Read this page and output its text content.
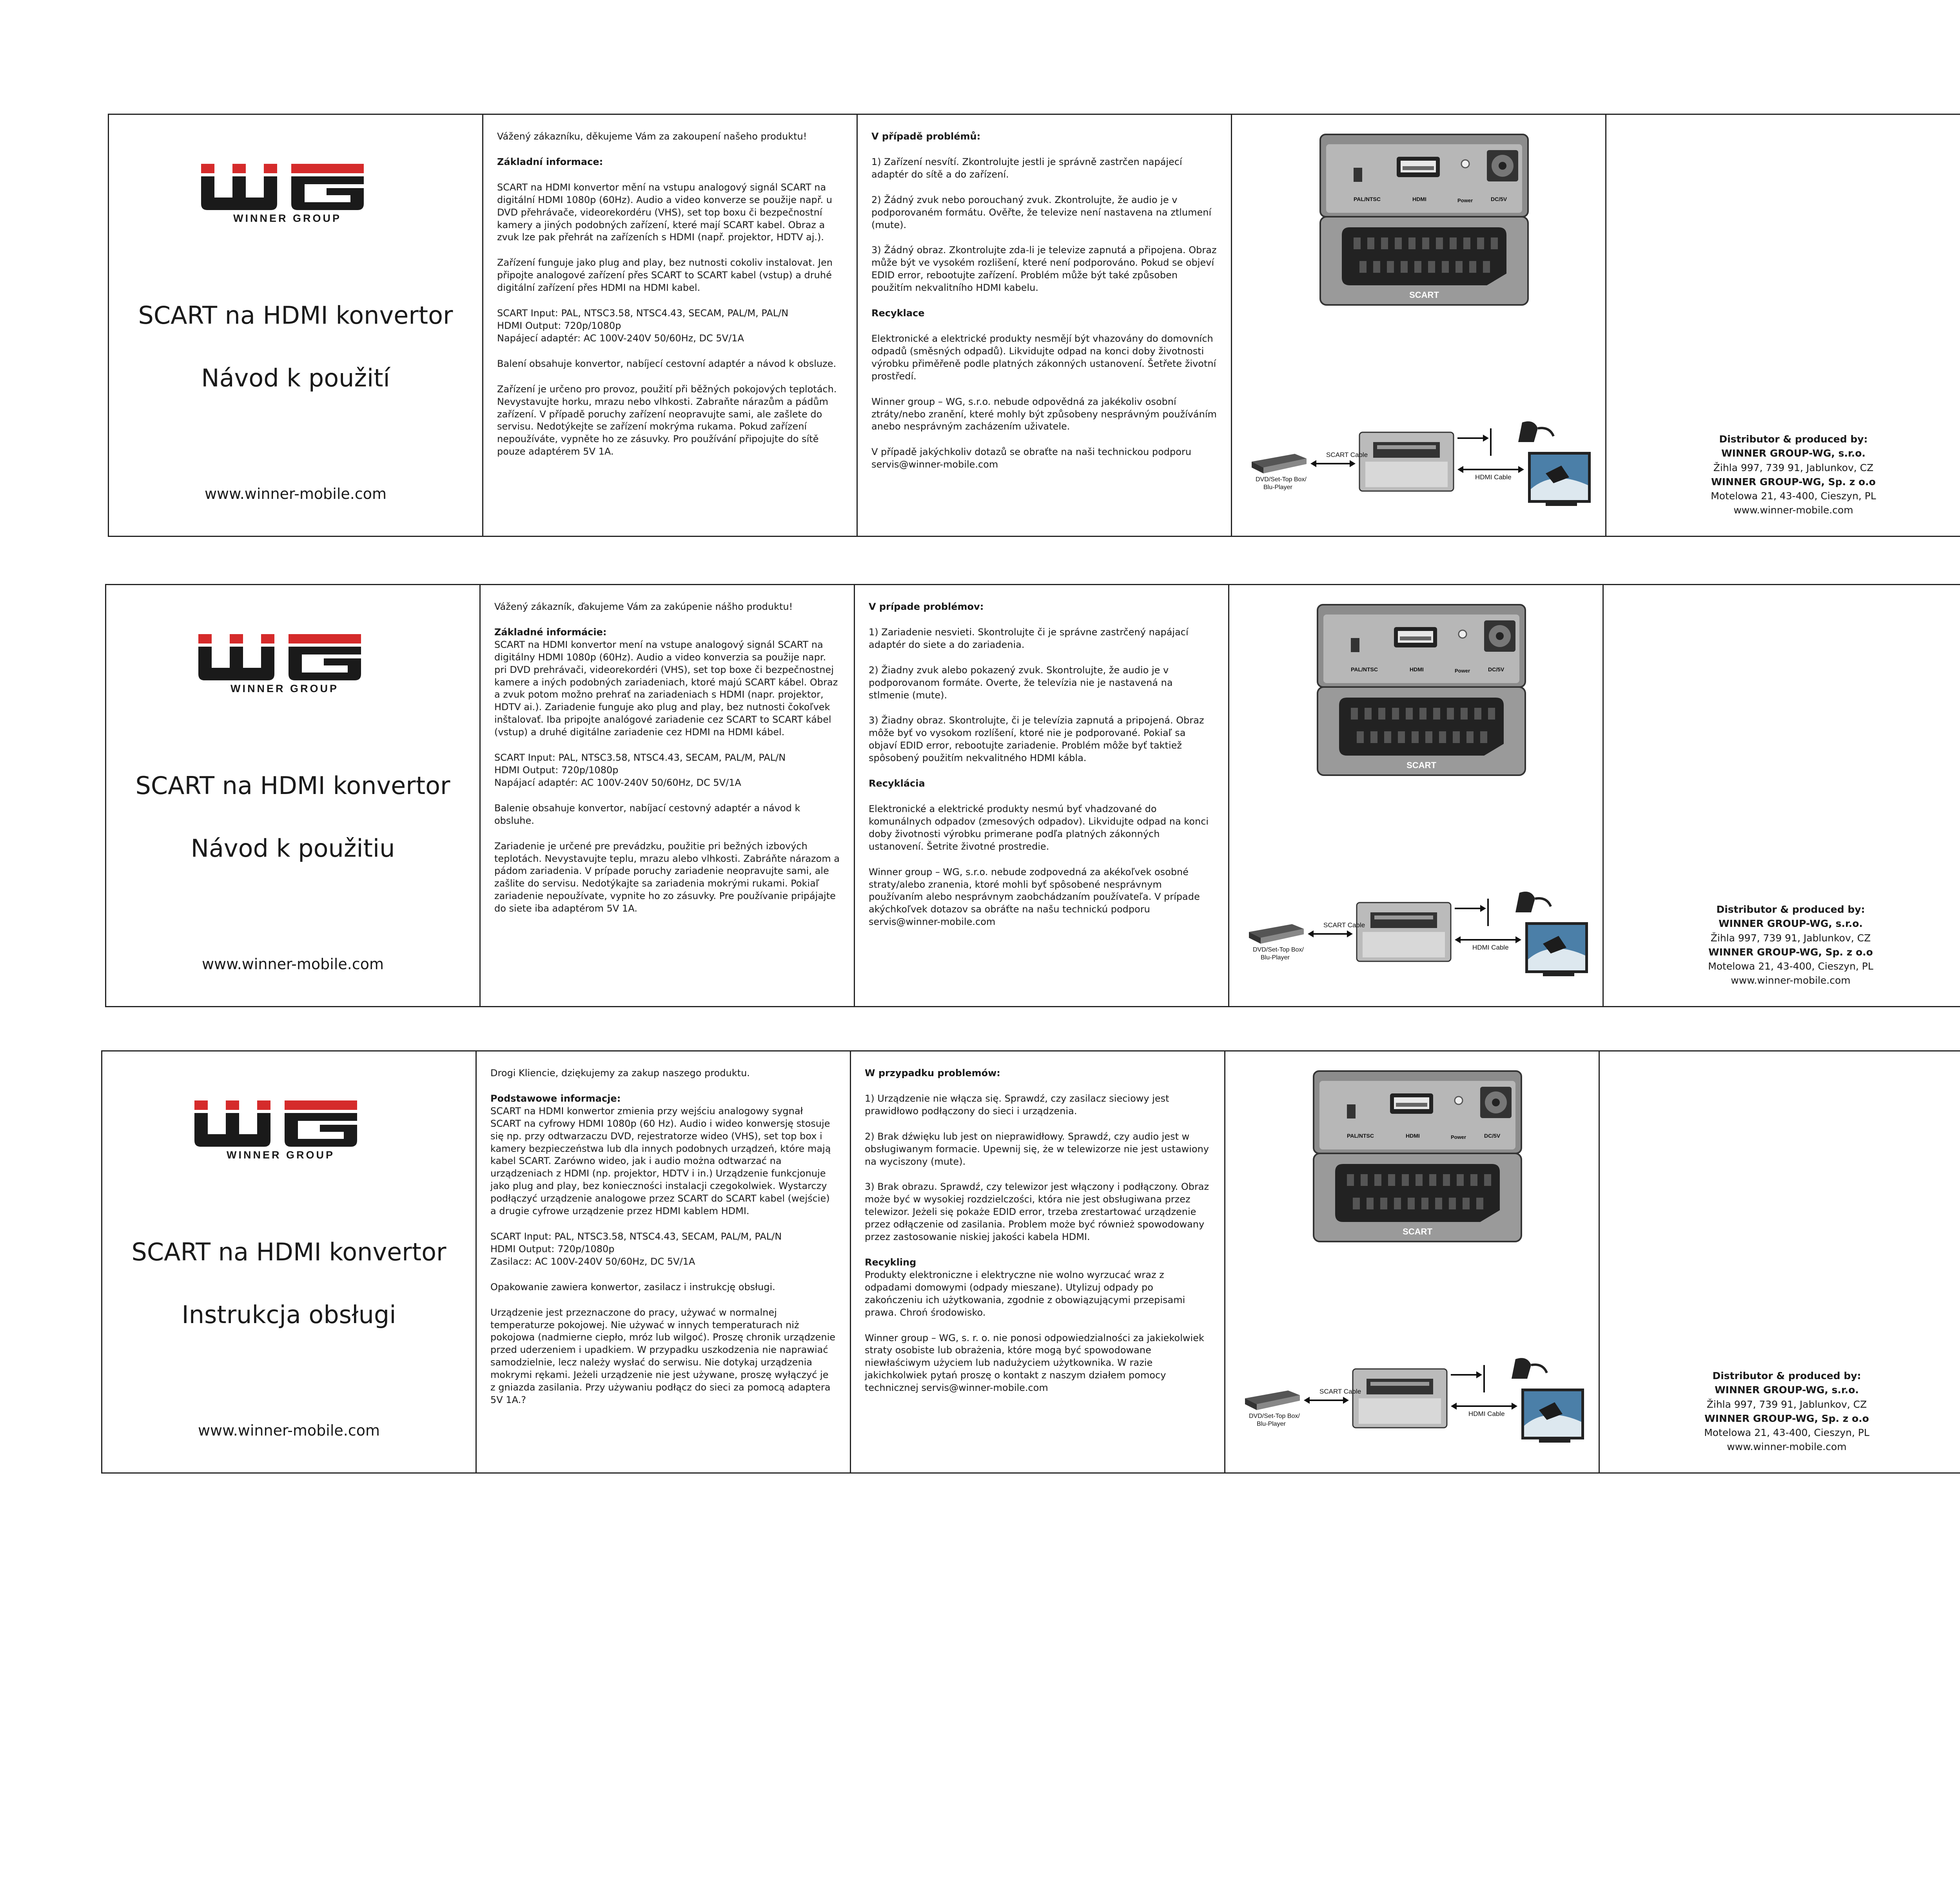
WINNER GROUP
SCART na HDMI konvertor
Návod k použití
www.winner-mobile.com

Vážený zákazníku, děkujeme Vám za zakoupení našeho produktu!

Základní informace:

SCART na HDMI konvertor mění na vstupu analogový signál SCART na digitální HDMI 1080p (60Hz). Audio a video konverze se použije např. u DVD přehrávače, videorekordéru (VHS), set top boxu či bezpečnostní kamery a jiných podobných zařízení, které mají SCART kabel. Obraz a zvuk lze pak přehrát na zařízeních s HDMI (např. projektor, HDTV aj.).

Zařízení funguje jako plug and play, bez nutnosti cokoliv instalovat. Jen připojte analogové zařízení přes SCART to SCART kabel (vstup) a druhé digitální zařízení přes HDMI na HDMI kabel.

SCART Input: PAL, NTSC3.58, NTSC4.43, SECAM, PAL/M, PAL/N

HDMI Output: 720p/1080p

Napájecí adaptér: AC 100V-240V 50/60Hz, DC 5V/1A

Balení obsahuje konvertor, nabíjecí cestovní adaptér a návod k obsluze.

Zařízení je určeno pro provoz, použití při běžných pokojových teplotách. Nevystavujte horku, mrazu nebo vlhkosti. Zabraňte nárazům a pádům zařízení. V případě poruchy zařízení neopravujte sami, ale zašlete do servisu. Nedotýkejte se zařízení mokrýma rukama. Pokud zařízení nepoužíváte, vypněte ho ze zásuvky. Pro používání připojujte do sítě pouze adaptérem 5V 1A.

V případě problémů:

1) Zařízení nesvítí. Zkontrolujte jestli je správně zastrčen napájecí adaptér do sítě a do zařízení.

2) Žádný zvuk nebo porouchaný zvuk. Zkontrolujte, že audio je v podporovaném formátu. Ověřte, že televize není nastavena na ztlumení (mute).

3) Žádný obraz. Zkontrolujte zda-li je televize zapnutá a připojena. Obraz může být ve vysokém rozlišení, které není podporováno. Pokud se objeví EDID error, rebootujte zařízení. Problém může být také způsoben použitím nekvalitního HDMI kabelu.

Recyklace

Elektronické a elektrické produkty nesmějí být vhazovány do domovních odpadů (směsných odpadů). Likvidujte odpad na konci doby životnosti výrobku přiměřeně podle platných zákonných ustanovení. Šetřete životní prostředí.

Winner group – WG, s.r.o. nebude odpovědná za jakékoliv osobní ztráty/nebo zranění, které mohly být způsobeny nesprávným používáním anebo nesprávným zacházením uživatele.

V případě jakýchkoliv dotazů se obraťte na naši technickou podporu servis@winner-mobile.com

PAL/NTSC	HDMI	Power	DC/5V
SCART
SCART Cable
HDMI Cable
DVD/Set-Top Box/
Blu-Player
Distributor & produced by:
WINNER GROUP-WG, s.r.o.
Žihla 997, 739 91, Jablunkov, CZ
WINNER GROUP-WG, Sp. z o.o
Motelowa 21, 43-400, Cieszyn, PL
www.winner-mobile.com
WINNER GROUP
SCART na HDMI konvertor
Návod k použitiu
www.winner-mobile.com

Vážený zákazník, ďakujeme Vám za zakúpenie nášho produktu!

Základné informácie:

SCART na HDMI konvertor mení na vstupe analogový signál SCART na digitálny HDMI 1080p (60Hz). Audio a video konverzia sa použije napr. pri DVD prehrávači, videorekordéri (VHS), set top boxe či bezpečnostnej kamere a iných podobných zariadeniach, ktoré majú SCART kábel. Obraz a zvuk potom možno prehrať na zariadeniach s HDMI (napr. projektor, HDTV ai.). Zariadenie funguje ako plug and play, bez nutnosti čokoľvek inštalovať. Iba pripojte analógové zariadenie cez SCART to SCART kábel (vstup) a druhé digitálne zariadenie cez HDMI na HDMI kábel.

SCART Input: PAL, NTSC3.58, NTSC4.43, SECAM, PAL/M, PAL/N

HDMI Output: 720p/1080p

Napájací adaptér: AC 100V-240V 50/60Hz, DC 5V/1A

Balenie obsahuje konvertor, nabíjací cestovný adaptér a návod k obsluhe.

Zariadenie je určené pre prevádzku, použitie pri bežných izbových teplotách. Nevystavujte teplu, mrazu alebo vlhkosti. Zabráňte nárazom a pádom zariadenia. V prípade poruchy zariadenie neopravujte sami, ale zašlite do servisu. Nedotýkajte sa zariadenia mokrými rukami. Pokiaľ zariadenie nepoužívate, vypnite ho zo zásuvky. Pre používanie pripájajte do siete iba adaptérom 5V 1A.

V prípade problémov:

1) Zariadenie nesvieti. Skontrolujte či je správne zastrčený napájací adaptér do siete a do zariadenia.

2) Žiadny zvuk alebo pokazený zvuk. Skontrolujte, že audio je v podporovanom formáte. Overte, že televízia nie je nastavená na stlmenie (mute).

3) Žiadny obraz. Skontrolujte, či je televízia zapnutá a pripojená. Obraz môže byť vo vysokom rozlíšení, ktoré nie je podporované. Pokiaľ sa objaví EDID error, rebootujte zariadenie. Problém môže byť taktiež spôsobený použitím nekvalitného HDMI kábla.

Recyklácia

Elektronické a elektrické produkty nesmú byť vhadzované do komunálnych odpadov (zmesových odpadov). Likvidujte odpad na konci doby životnosti výrobku primerane podľa platných zákonných ustanovení. Šetrite životné prostredie.

Winner group – WG, s.r.o. nebude zodpovedná za akékoľvek osobné straty/alebo zranenia, ktoré mohli byť spôsobené nesprávnym používaním alebo nesprávnym zaobchádzaním používateľa. V prípade akýchkoľvek dotazov sa obráťte na našu technickú podporu servis@winner-mobile.com

PAL/NTSC	HDMI	Power	DC/5V
SCART
SCART Cable
HDMI Cable
DVD/Set-Top Box/
Blu-Player
Distributor & produced by:
WINNER GROUP-WG, s.r.o.
Žihla 997, 739 91, Jablunkov, CZ
WINNER GROUP-WG, Sp. z o.o
Motelowa 21, 43-400, Cieszyn, PL
www.winner-mobile.com
WINNER GROUP
SCART na HDMI konvertor
Instrukcja obsługi
www.winner-mobile.com

Drogi Kliencie, dziękujemy za zakup naszego produktu.

Podstawowe informacje:

SCART na HDMI konwertor zmienia przy wejściu analogowy sygnał SCART na cyfrowy HDMI 1080p (60 Hz). Audio i wideo konwersję stosuje się np. przy odtwarzaczu DVD, rejestratorze wideo (VHS), set top box i kamery bezpieczeństwa lub dla innych podobnych urządzeń, które mają kabel SCART. Zarówno wideo, jak i audio można odtwarzać na urządzeniach z HDMI (np. projektor, HDTV i in.) Urządzenie funkcjonuje jako plug and play, bez konieczności instalacji czegokolwiek. Wystarczy podłączyć urządzenie analogowe przez SCART do SCART kabel (wejście) a drugie cyfrowe urządzenie przez HDMI kablem HDMI.

SCART Input: PAL, NTSC3.58, NTSC4.43, SECAM, PAL/M, PAL/N

HDMI Output: 720p/1080p

Zasilacz: AC 100V-240V 50/60Hz, DC 5V/1A

Opakowanie zawiera konwertor, zasilacz i instrukcję obsługi.

Urządzenie jest przeznaczone do pracy, używać w normalnej temperaturze pokojowej. Nie używać w innych temperaturach niż pokojowa (nadmierne ciepło, mróz lub wilgoć). Proszę chronik urządzenie przed uderzeniem i upadkiem. W przypadku uszkodzenia nie naprawiać samodzielnie, lecz należy wysłać do serwisu. Nie dotykaj urządzenia mokrymi rękami. Jeżeli urządzenie nie jest używane, proszę wyłączyć je z gniazda zasilania. Przy używaniu podłącz do sieci za pomocą adaptera 5V 1A.?

W przypadku problemów:

1) Urządzenie nie włącza się. Sprawdź, czy zasilacz sieciowy jest prawidłowo podłączony do sieci i urządzenia.

2) Brak dźwięku lub jest on nieprawidłowy. Sprawdź, czy audio jest w obsługiwanym formacie. Upewnij się, że w telewizorze nie jest ustawiony na wyciszony (mute).

3) Brak obrazu. Sprawdź, czy telewizor jest włączony i podłączony. Obraz może być w wysokiej rozdzielczości, która nie jest obsługiwana przez telewizor. Jeżeli się pokaże EDID error, trzeba zrestartować urządzenie przez odłączenie od zasilania. Problem może być również spowodowany przez zastosowanie niskiej jakości kabela HDMI.

Recykling

Produkty elektroniczne i elektryczne nie wolno wyrzucać wraz z odpadami domowymi (odpady mieszane). Utylizuj odpady po zakończeniu ich użytkowania, zgodnie z obowiązującymi przepisami prawa. Chroń środowisko.

Winner group – WG, s. r. o. nie ponosi odpowiedzialności za jakiekolwiek straty osobiste lub obrażenia, które mogą być spowodowane niewłaściwym użyciem lub nadużyciem użytkownika. W razie jakichkolwiek pytań proszę o kontakt z naszym działem pomocy technicznej servis@winner-mobile.com

PAL/NTSC	HDMI	Power	DC/5V
SCART
SCART Cable
HDMI Cable
DVD/Set-Top Box/
Blu-Player
Distributor & produced by:
WINNER GROUP-WG, s.r.o.
Žihla 997, 739 91, Jablunkov, CZ
WINNER GROUP-WG, Sp. z o.o
Motelowa 21, 43-400, Cieszyn, PL
www.winner-mobile.com
